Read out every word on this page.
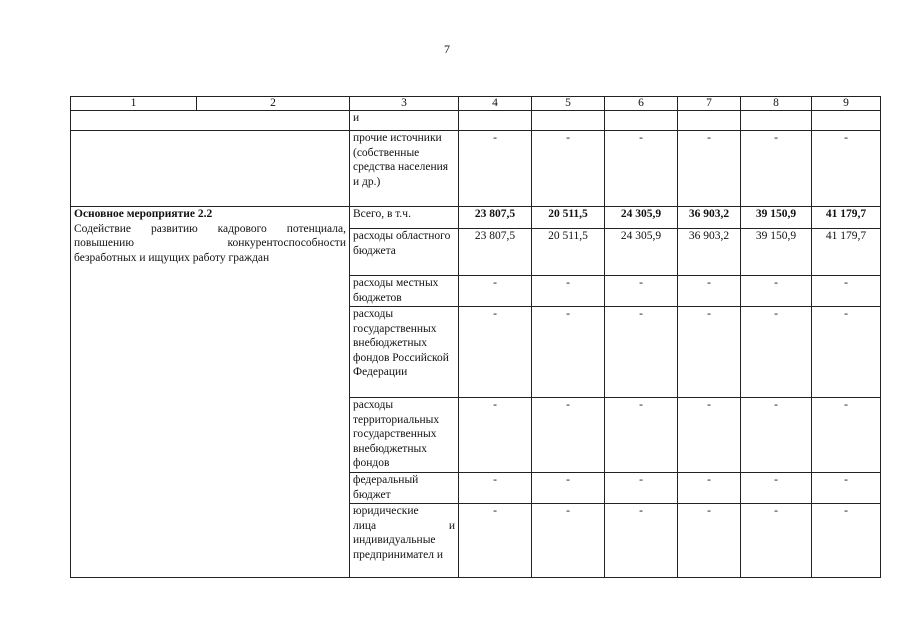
7
1	2	3	4	5	6	7	8	9
		и						
		прочие источники (собственные средства населения и др.)	-	-	-	-	-	-

Основное мероприятие 2.2
Содействие развитию кадрового потенциала,
повышению конкурентоспособности
безработных и ищущих работу граждан		Всего, в т.ч.	23 807,5	20 511,5	24 305,9	36 903,2	39 150,9	41 179,7
		расходы областного бюджета	23 807,5	20 511,5	24 305,9	36 903,2	39 150,9	41 179,7
		расходы местных бюджетов	-	-	-	-	-	-
		расходы государственных внебюджетных фондов Российской Федерации	-	-	-	-	-	-
		расходы территориальных государственных внебюджетных фондов	-	-	-	-	-	-
		федеральный бюджет	-	-	-	-	-	-

		юридические
лица и
индивидуальные предпринимател и	-	-	-	-	-	-
